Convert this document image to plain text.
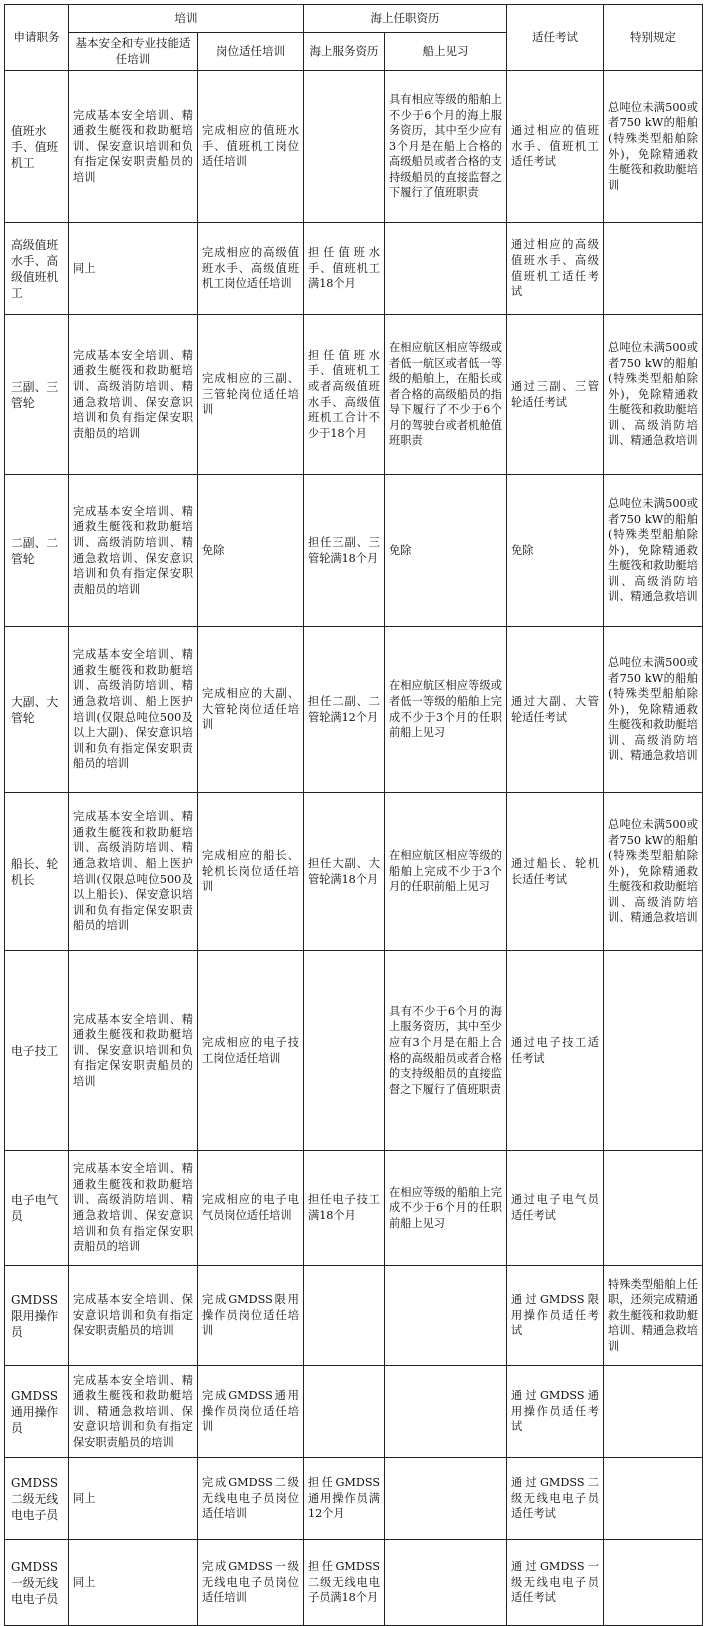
申请职务	培训		海上任职资历		适任考试	特别规定
	基本安全和专业技能适任培训	岗位适任培训	海上服务资历	船上见习		
值班水手、值班机工	完成基本安全培训、精通救生艇筏和救助艇培训、保安意识培训和负有指定保安职责船员的培训	完成相应的值班水手、值班机工岗位适任培训		具有相应等级的船舶上不少于6个月的海上服务资历，其中至少应有3个月是在船上合格的高级船员或者合格的支持级船员的直接监督之下履行了值班职责	通过相应的值班水手、值班机工适任考试	总吨位未满500或者750 kW的船舶(特殊类型船舶除外)，免除精通救生艇筏和救助艇培训
高级值班水手、高级值班机工	同上	完成相应的高级值班水手、高级值班机工岗位适任培训	担任值班水手、值班机工满18个月		通过相应的高级值班水手、高级值班机工适任考试	
三副、三管轮	完成基本安全培训、精通救生艇筏和救助艇培训、高级消防培训、精通急救培训、保安意识培训和负有指定保安职责船员的培训	完成相应的三副、三管轮岗位适任培训	担任值班水手、值班机工或者高级值班水手、高级值班机工合计不少于18个月	在相应航区相应等级或者低一航区或者低一等级的船舶上，在船长或者合格的高级船员的指导下履行了不少于6个月的驾驶台或者机舱值班职责	通过三副、三管轮适任考试	总吨位未满500或者750 kW的船舶(特殊类型船舶除外)，免除精通救生艇筏和救助艇培训、高级消防培训、精通急救培训
二副、二管轮	完成基本安全培训、精通救生艇筏和救助艇培训、高级消防培训、精通急救培训、保安意识培训和负有指定保安职责船员的培训	免除	担任三副、三管轮满18个月	免除	免除	总吨位未满500或者750 kW的船舶(特殊类型船舶除外)，免除精通救生艇筏和救助艇培训、高级消防培训、精通急救培训
大副、大管轮	完成基本安全培训、精通救生艇筏和救助艇培训、高级消防培训、精通急救培训、船上医护培训(仅限总吨位500及以上大副)、保安意识培训和负有指定保安职责船员的培训	完成相应的大副、大管轮岗位适任培训	担任二副、二管轮满12个月	在相应航区相应等级或者低一等级的船舶上完成不少于3个月的任职前船上见习	通过大副、大管轮适任考试	总吨位未满500或者750 kW的船舶(特殊类型船舶除外)，免除精通救生艇筏和救助艇培训、高级消防培训、精通急救培训
船长、轮机长	完成基本安全培训、精通救生艇筏和救助艇培训、高级消防培训、精通急救培训、船上医护培训(仅限总吨位500及以上船长)、保安意识培训和负有指定保安职责船员的培训	完成相应的船长、轮机长岗位适任培训	担任大副、大管轮满18个月	在相应航区相应等级的船舶上完成不少于3个月的任职前船上见习	通过船长、轮机长适任考试	总吨位未满500或者750 kW的船舶(特殊类型船舶除外)，免除精通救生艇筏和救助艇培训、高级消防培训、精通急救培训
电子技工	完成基本安全培训、精通救生艇筏和救助艇培训、保安意识培训和负有指定保安职责船员的培训	完成相应的电子技工岗位适任培训		具有不少于6个月的海上服务资历，其中至少应有3个月是在船上合格的高级船员或者合格的支持级船员的直接监督之下履行了值班职责	通过电子技工适任考试	
电子电气员	完成基本安全培训、精通救生艇筏和救助艇培训、高级消防培训、精通急救培训、保安意识培训和负有指定保安职责船员的培训	完成相应的电子电气员岗位适任培训	担任电子技工满18个月	在相应等级的船舶上完成不少于6个月的任职前船上见习	通过电子电气员适任考试	
GMDSS限用操作员	完成基本安全培训、保安意识培训和负有指定保安职责船员的培训	完成GMDSS限用操作员岗位适任培训			通过GMDSS限用操作员适任考试	特殊类型船舶上任职，还须完成精通救生艇筏和救助艇培训、精通急救培训
GMDSS通用操作员	完成基本安全培训、精通救生艇筏和救助艇培训、精通急救培训、保安意识培训和负有指定保安职责船员的培训	完成GMDSS通用操作员岗位适任培训			通过GMDSS通用操作员适任考试	
GMDSS二级无线电电子员	同上	完成GMDSS二级无线电电子员岗位适任培训	担任GMDSS通用操作员满12个月		通过GMDSS二级无线电电子员适任考试	
GMDSS一级无线电电子员	同上	完成GMDSS一级无线电电子员岗位适任培训	担任GMDSS二级无线电电子员满18个月		通过GMDSS一级无线电电子员适任考试	
